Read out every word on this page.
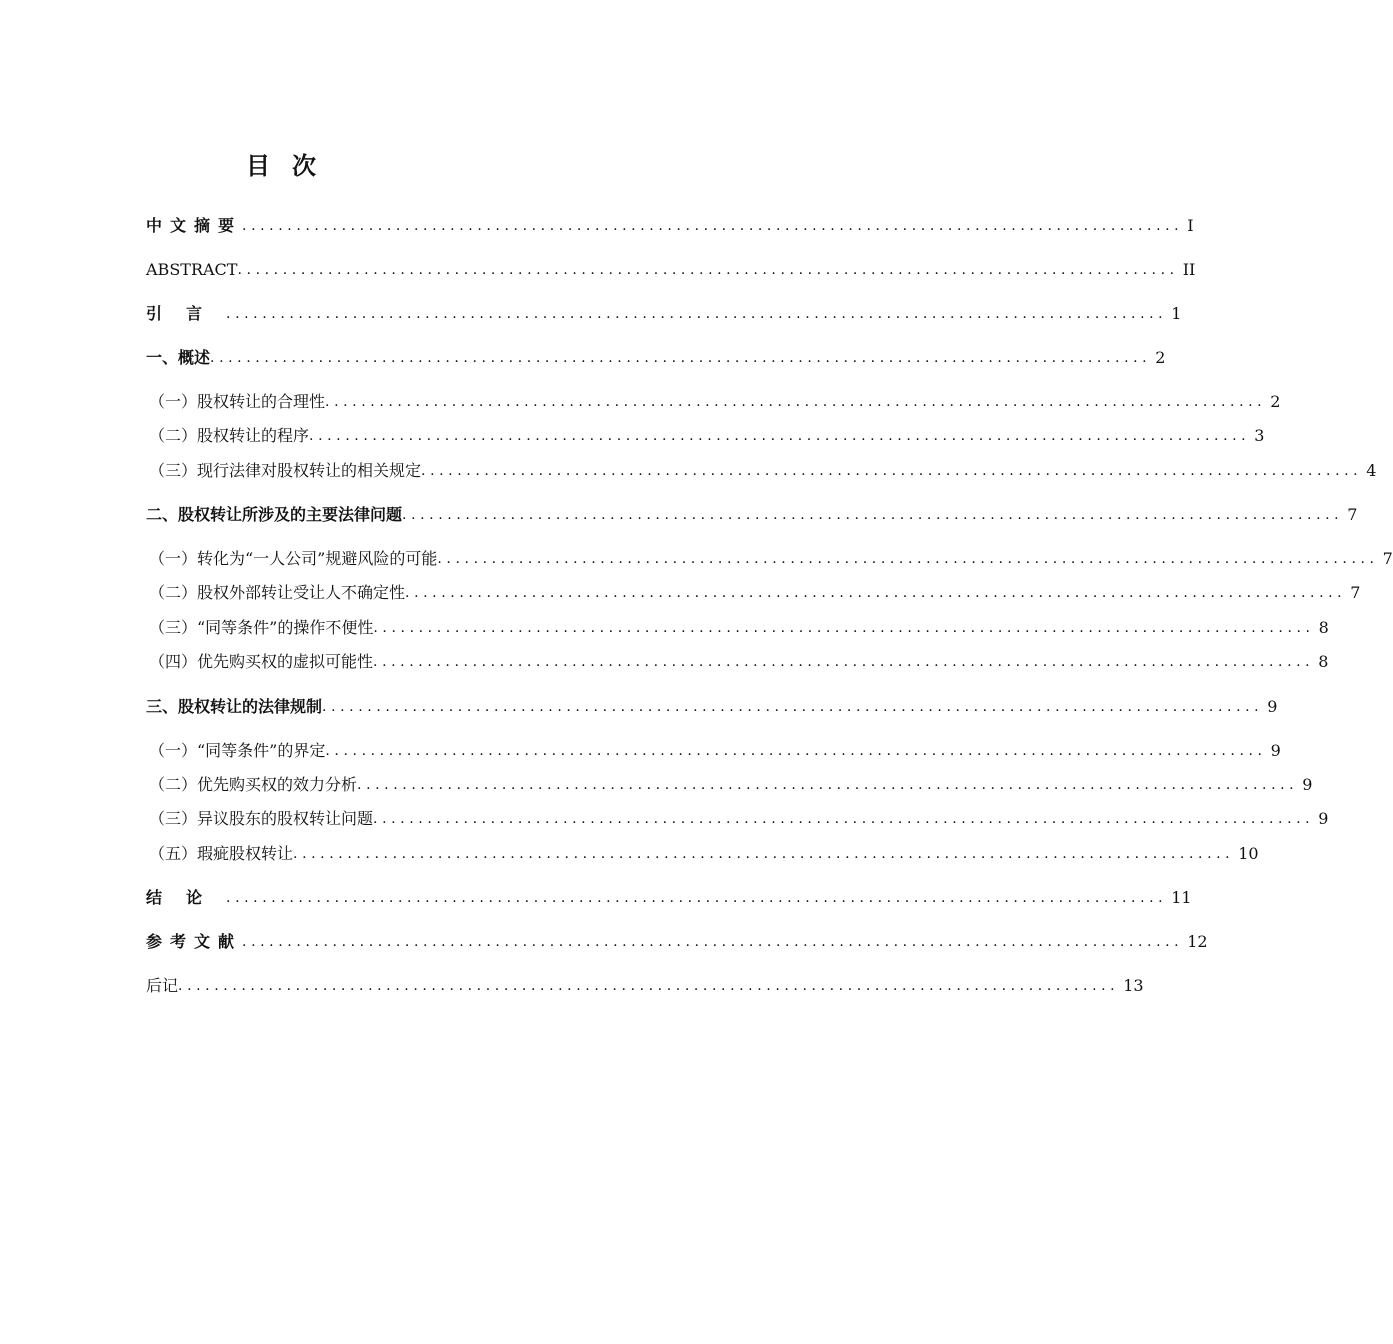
目次
中文摘要 ........................................................................................................ I
ABSTRACT ........................................................................................................ II
引言 ........................................................................................................ 1
一、概述 ........................................................................................................ 2
（一）股权转让的合理性 ........................................................................................................ 2
（二）股权转让的程序 ........................................................................................................ 3
（三）现行法律对股权转让的相关规定 ........................................................................................................ 4
二、股权转让所涉及的主要法律问题 ........................................................................................................ 7
（一）转化为“一人公司”规避风险的可能 ........................................................................................................ 7
（二）股权外部转让受让人不确定性 ........................................................................................................ 7
（三）“同等条件”的操作不便性 ........................................................................................................ 8
（四）优先购买权的虚拟可能性 ........................................................................................................ 8
三、股权转让的法律规制 ........................................................................................................ 9
（一）“同等条件”的界定 ........................................................................................................ 9
（二）优先购买权的效力分析 ........................................................................................................ 9
（三）异议股东的股权转让问题 ........................................................................................................ 9
（五）瑕疵股权转让 ........................................................................................................ 10
结论 ........................................................................................................ 11
参考文献 ........................................................................................................ 12
后记 ........................................................................................................ 13
